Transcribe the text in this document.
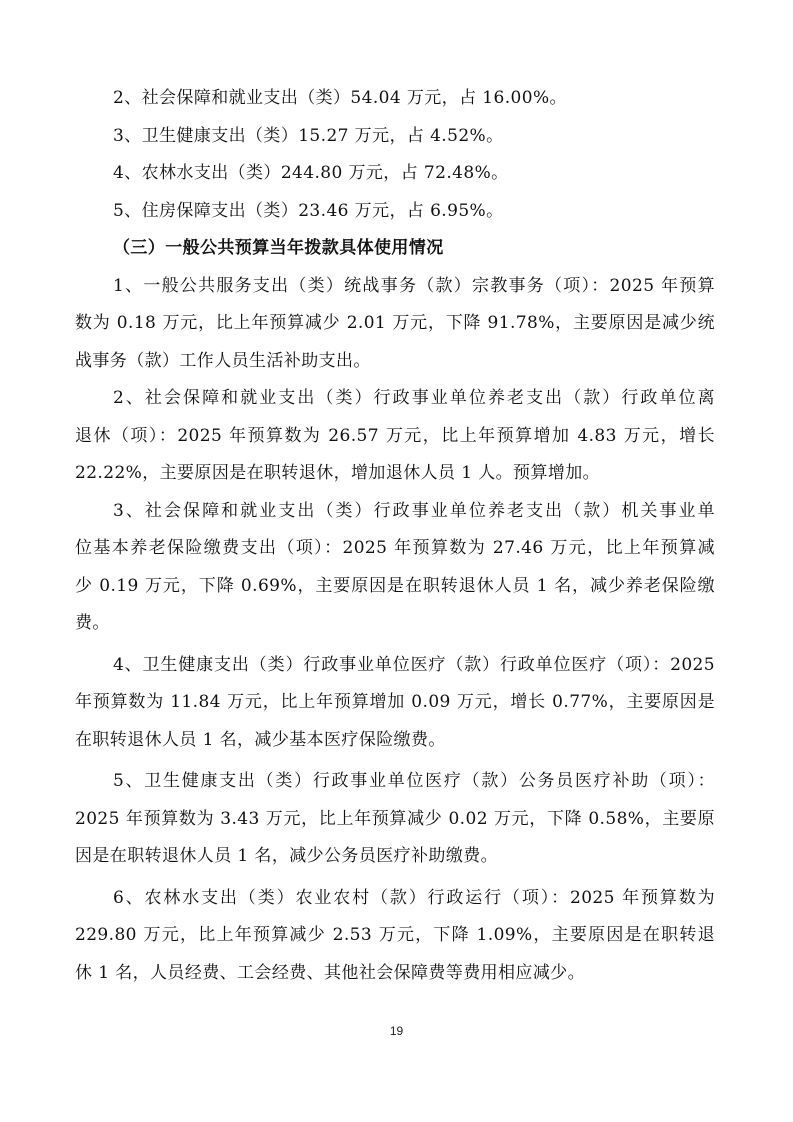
2、社会保障和就业支出（类）54.04 万元，占 16.00%。
3、卫生健康支出（类）15.27 万元，占 4.52%。
4、农林水支出（类）244.80 万元，占 72.48%。
5、住房保障支出（类）23.46 万元，占 6.95%。
（三）一般公共预算当年拨款具体使用情况
1、一般公共服务支出（类）统战事务（款）宗教事务（项）：2025 年预算
数为 0.18 万元，比上年预算减少 2.01 万元，下降 91.78%，主要原因是减少统
战事务（款）工作人员生活补助支出。
2、社会保障和就业支出（类）行政事业单位养老支出（款）行政单位离
退休（项）：2025 年预算数为 26.57 万元，比上年预算增加 4.83 万元，增长
22.22%，主要原因是在职转退休，增加退休人员 1 人。预算增加。
3、社会保障和就业支出（类）行政事业单位养老支出（款）机关事业单
位基本养老保险缴费支出（项）：2025 年预算数为 27.46 万元，比上年预算减
少 0.19 万元，下降 0.69%，主要原因是在职转退休人员 1 名，减少养老保险缴
费。
4、卫生健康支出（类）行政事业单位医疗（款）行政单位医疗（项）：2025
年预算数为 11.84 万元，比上年预算增加 0.09 万元，增长 0.77%，主要原因是
在职转退休人员 1 名，减少基本医疗保险缴费。
5、卫生健康支出（类）行政事业单位医疗（款）公务员医疗补助（项）：
2025 年预算数为 3.43 万元，比上年预算减少 0.02 万元，下降 0.58%，主要原
因是在职转退休人员 1 名，减少公务员医疗补助缴费。
6、农林水支出（类）农业农村（款）行政运行（项）：2025 年预算数为
229.80 万元，比上年预算减少 2.53 万元，下降 1.09%，主要原因是在职转退
休 1 名，人员经费、工会经费、其他社会保障费等费用相应减少。
19
